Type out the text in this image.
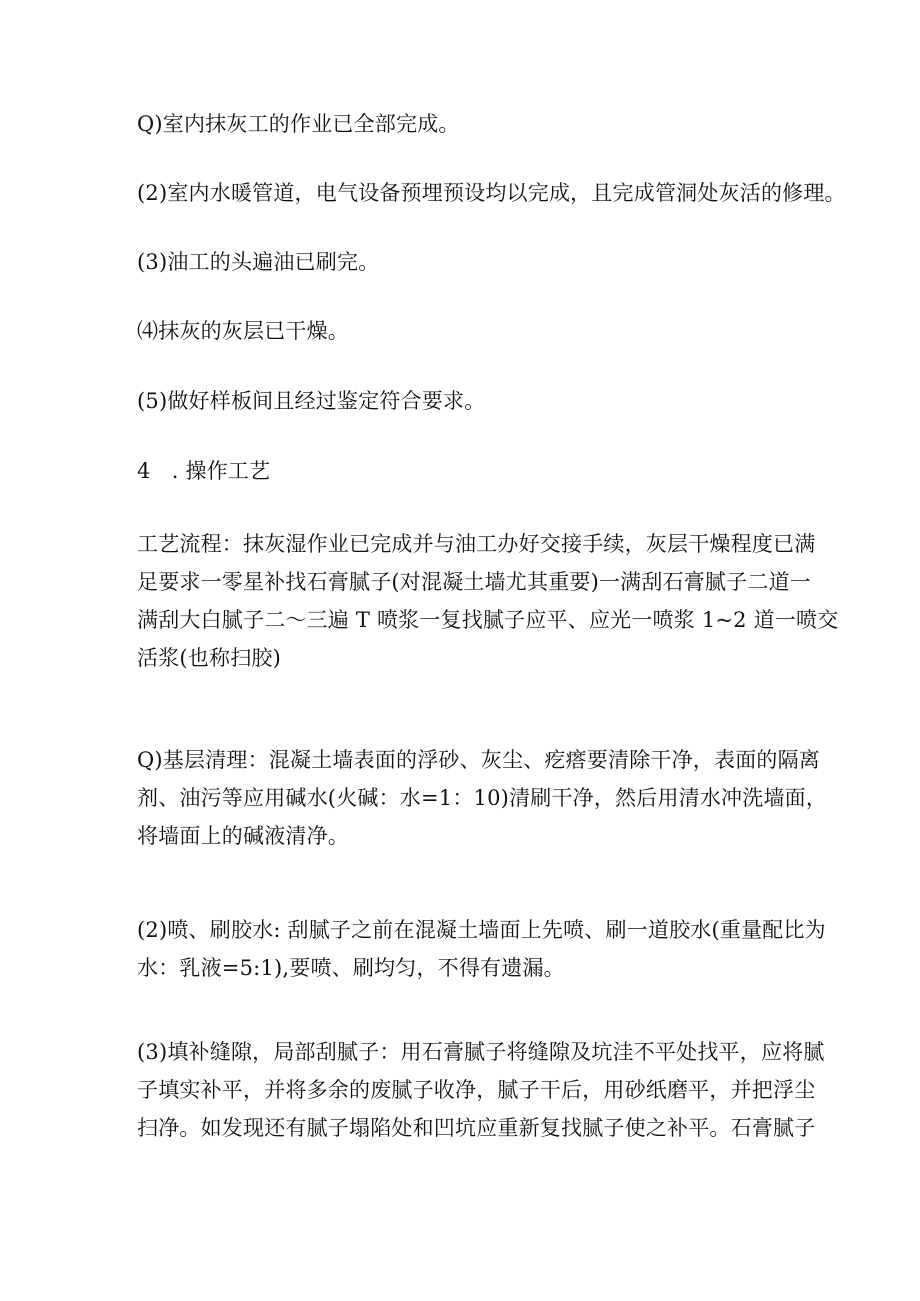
Q)室内抹灰工的作业已全部完成。

(2)室内水暖管道，电气设备预埋预设均以完成，且完成管洞处灰活的修理。

(3)油工的头遍油已刷完。

⑷抹灰的灰层已干燥。

(5)做好样板间且经过鉴定符合要求。

4　. 操作工艺

工艺流程：抹灰湿作业已完成并与油工办好交接手续，灰层干燥程度已满
足要求一零星补找石膏腻子(对混凝土墙尤其重要)一满刮石膏腻子二道一
满刮大白腻子二～三遍 T 喷浆一复找腻子应平、应光一喷浆 1~2 道一喷交
活浆(也称扫胶)

Q)基层清理：混凝土墙表面的浮砂、灰尘、疙瘩要清除干净，表面的隔离
剂、油污等应用碱水(火碱：水=1：10)清刷干净，然后用清水冲洗墙面，
将墙面上的碱液清净。

(2)喷、刷胶水: 刮腻子之前在混凝土墙面上先喷、刷一道胶水(重量配比为
水：乳液=5:1),要喷、刷均匀，不得有遗漏。

(3)填补缝隙，局部刮腻子：用石膏腻子将缝隙及坑洼不平处找平，应将腻
子填实补平，并将多余的废腻子收净，腻子干后，用砂纸磨平，并把浮尘
扫净。如发现还有腻子塌陷处和凹坑应重新复找腻子使之补平。石膏腻子
